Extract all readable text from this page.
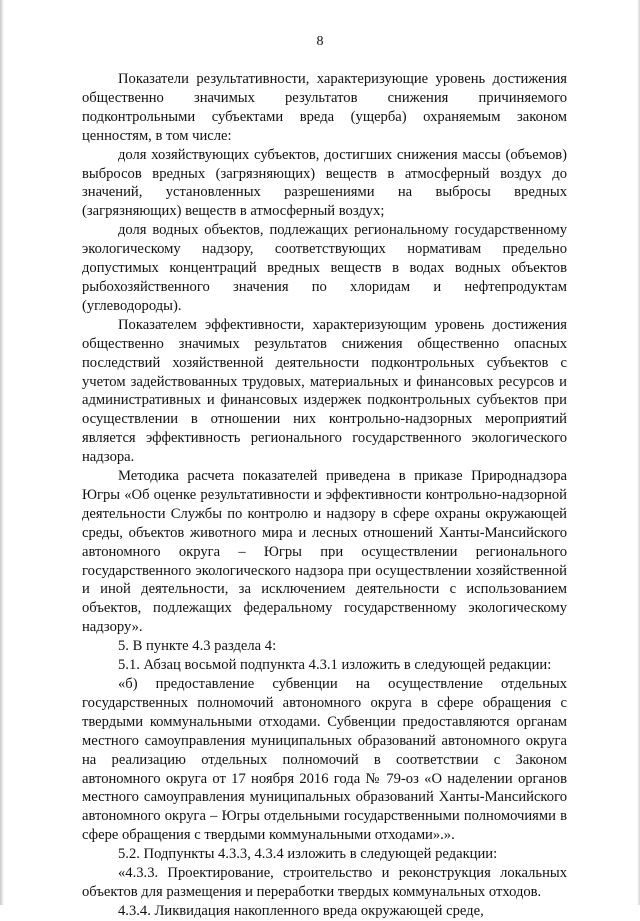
8

Показатели результативности, характеризующие уровень достижения общественно значимых результатов снижения причиняемого подконтрольными субъектами вреда (ущерба) охраняемым законом ценностям, в том числе:

доля хозяйствующих субъектов, достигших снижения массы (объемов) выбросов вредных (загрязняющих) веществ в атмосферный воздух до значений, установленных разрешениями на выбросы вредных (загрязняющих) веществ в атмосферный воздух;

доля водных объектов, подлежащих региональному государственному экологическому надзору, соответствующих нормативам предельно допустимых концентраций вредных веществ в водах водных объектов рыбохозяйственного значения по хлоридам и нефтепродуктам (углеводороды).

Показателем эффективности, характеризующим уровень достижения общественно значимых результатов снижения общественно опасных последствий хозяйственной деятельности подконтрольных субъектов с учетом задействованных трудовых, материальных и финансовых ресурсов и административных и финансовых издержек подконтрольных субъектов при осуществлении в отношении них контрольно-надзорных мероприятий является эффективность регионального государственного экологического надзора.

Методика расчета показателей приведена в приказе Природнадзора Югры «Об оценке результативности и эффективности контрольно-надзорной деятельности Службы по контролю и надзору в сфере охраны окружающей среды, объектов животного мира и лесных отношений Ханты-Мансийского автономного округа – Югры при осуществлении регионального государственного экологического надзора при осуществлении хозяйственной и иной деятельности, за исключением деятельности с использованием объектов, подлежащих федеральному государственному экологическому надзору».

5. В пункте 4.3 раздела 4:

5.1. Абзац восьмой подпункта 4.3.1 изложить в следующей редакции:

«б) предоставление субвенции на осуществление отдельных государственных полномочий автономного округа в сфере обращения с твердыми коммунальными отходами. Субвенции предоставляются органам местного самоуправления муниципальных образований автономного округа на реализацию отдельных полномочий в соответствии с Законом автономного округа от 17 ноября 2016 года № 79-оз «О наделении органов местного самоуправления муниципальных образований Ханты-Мансийского автономного округа – Югры отдельными государственными полномочиями в сфере обращения с твердыми коммунальными отходами».».

5.2. Подпункты 4.3.3, 4.3.4 изложить в следующей редакции:

«4.3.3. Проектирование, строительство и реконструкция локальных объектов для размещения и переработки твердых коммунальных отходов.

4.3.4. Ликвидация накопленного вреда окружающей среде,
